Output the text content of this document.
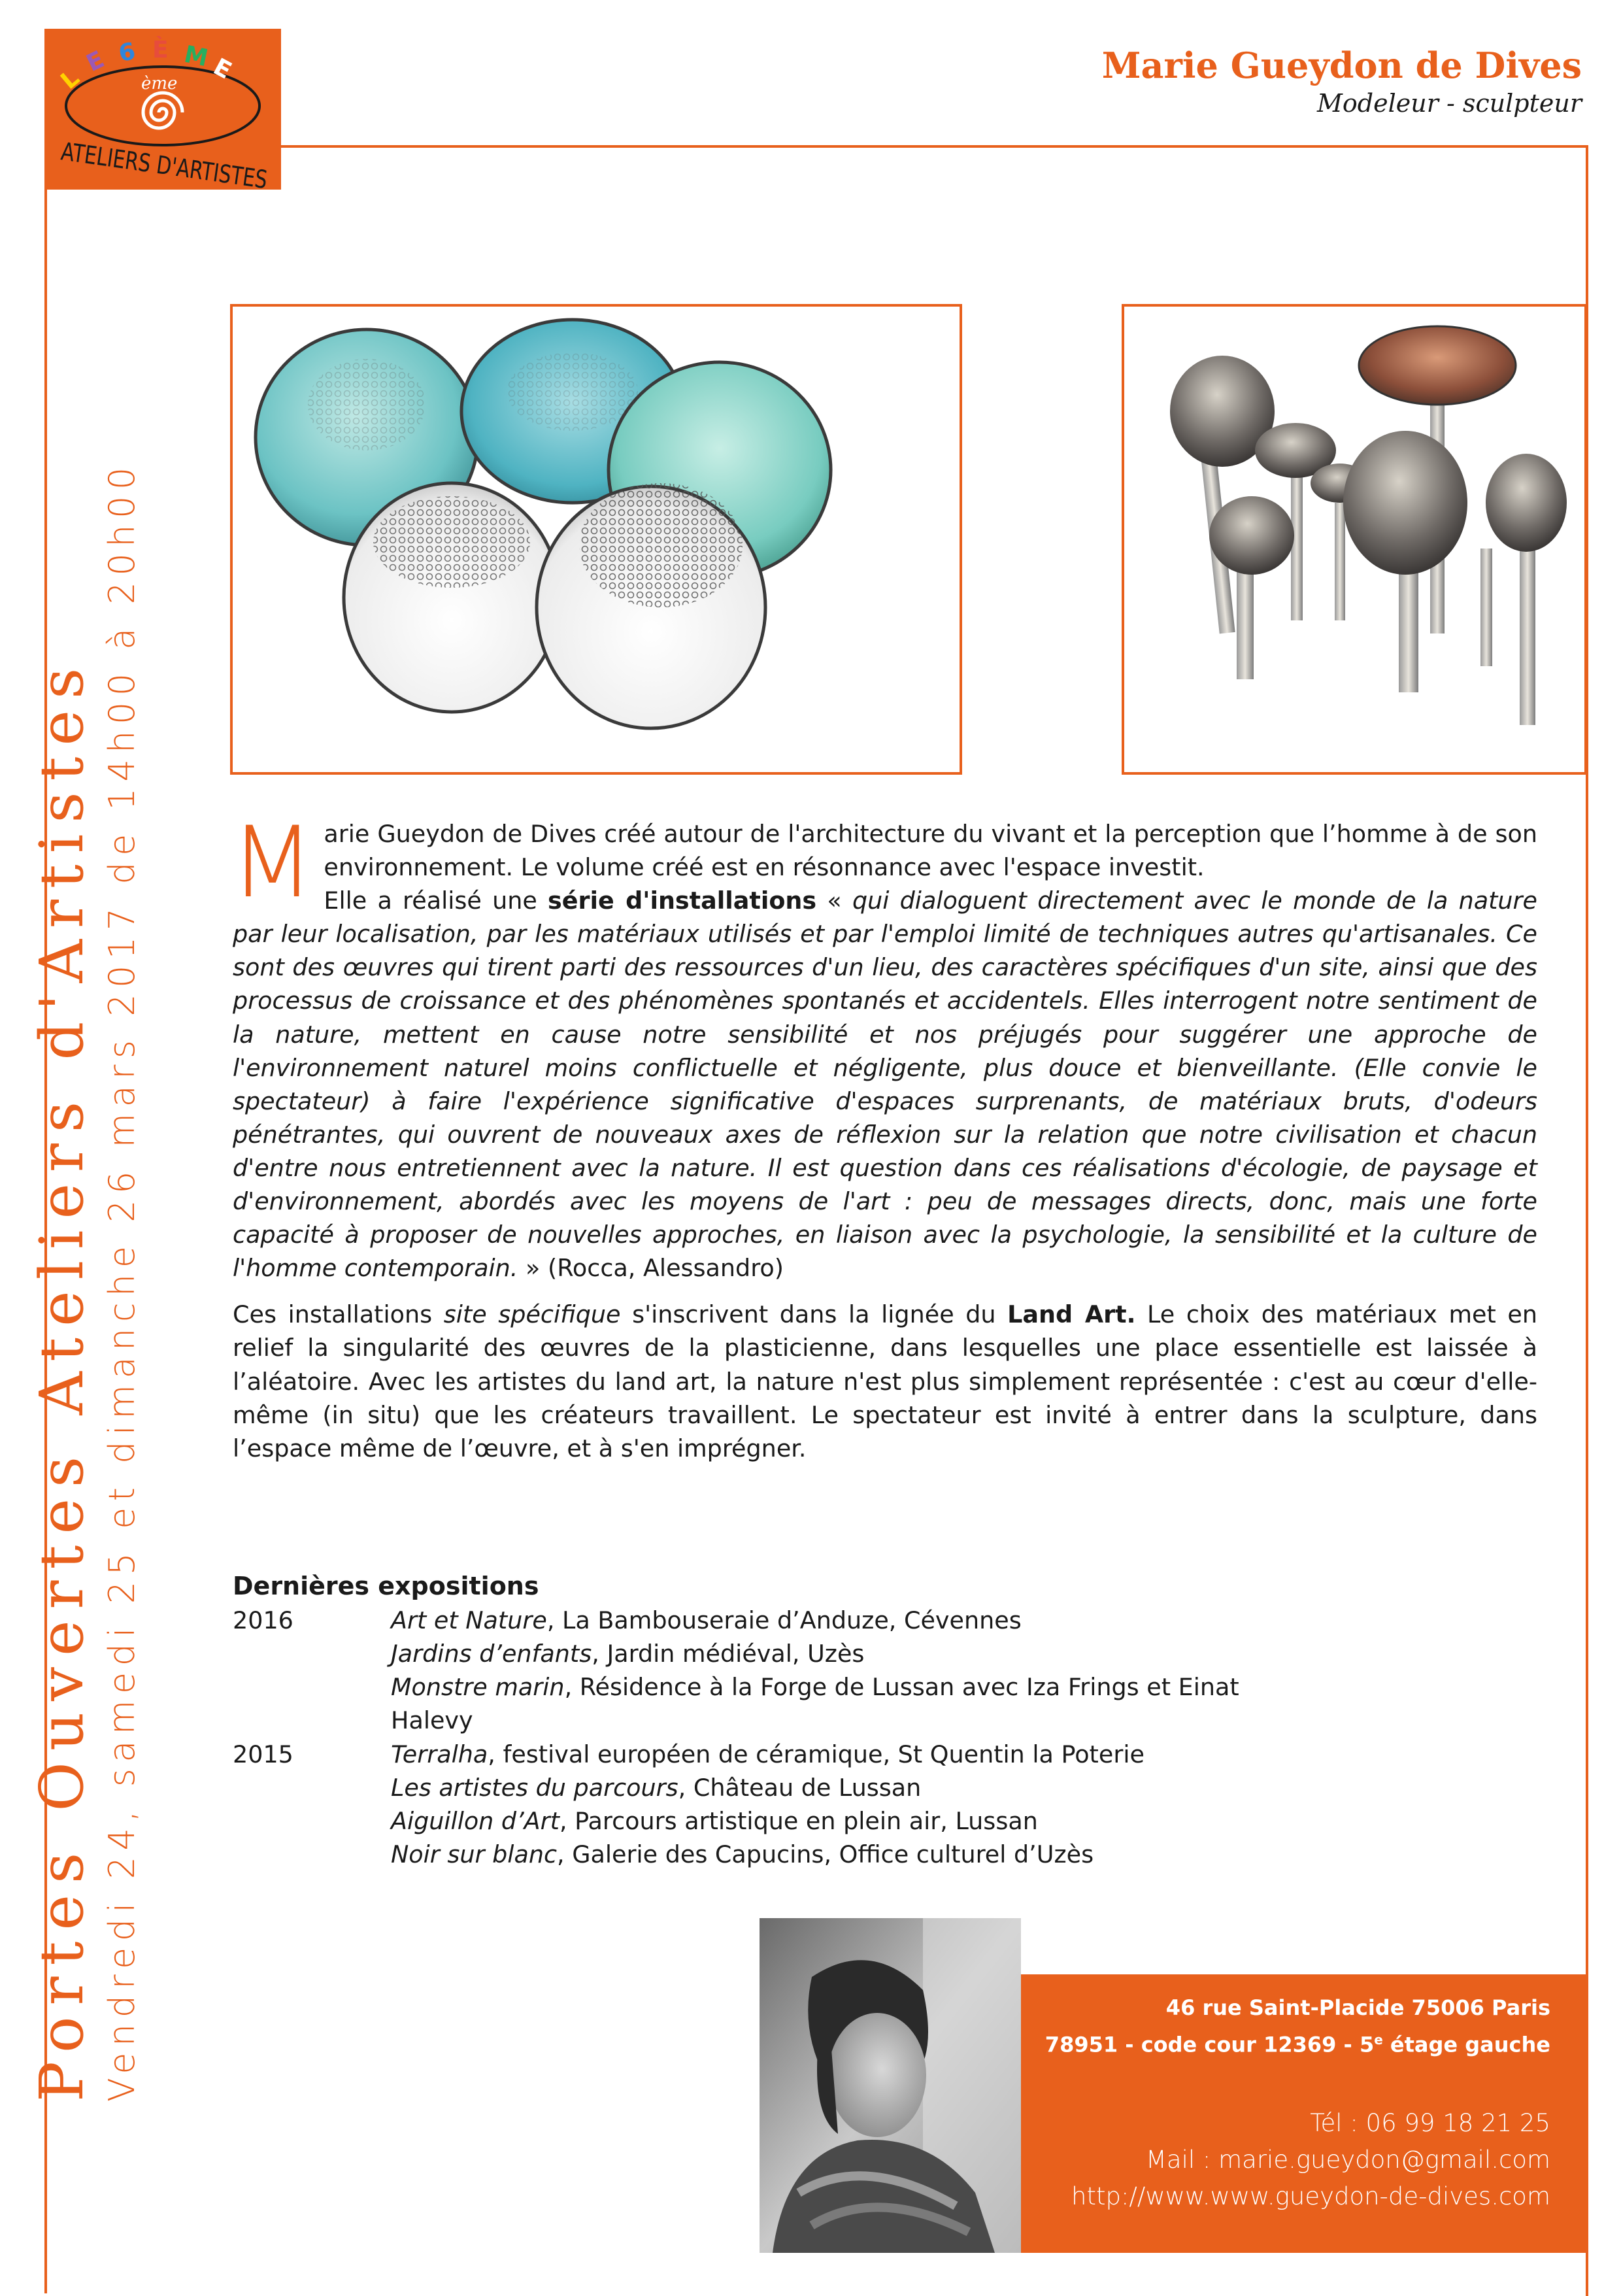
L
E 6 È M
E
ème
ATELIERS D'ARTISTES
Marie Gueydon de Dives
Modeleur - sculpteur
Portes Ouvertes Ateliers d'Artistes Vendredi 24, samedi 25 et dimanche 26 mars 2017 de 14h00 à 20h00 M arie Gueydon de Dives créé autour de l'architecture du vivant et la perception que l’homme à de son environnement. Le volume créé est en résonnance avec l'espace investit.

Elle a réalisé une série d'installations « qui dialoguent directement avec le monde de la nature par leur localisation, par les matériaux utilisés et par l'emploi limité de techniques autres qu'artisanales. Ce sont des œuvres qui tirent parti des ressources d'un lieu, des caractères spécifiques d'un site, ainsi que des processus de croissance et des phénomènes spontanés et accidentels. Elles interrogent notre sentiment de la nature, mettent en cause notre sensibilité et nos préjugés pour suggérer une approche de l'environnement naturel moins conflictuelle et négligente, plus douce et bienveillante. (Elle convie le spectateur) à faire l'expérience significative d'espaces surprenants, de matériaux bruts, d'odeurs pénétrantes, qui ouvrent de nouveaux axes de réflexion sur la relation que notre civilisation et chacun d'entre nous entretiennent avec la nature. Il est question dans ces réalisations d'écologie, de paysage et d'environnement, abordés avec les moyens de l'art : peu de messages directs, donc, mais une forte capacité à proposer de nouvelles approches, en liaison avec la psychologie, la sensibilité et la culture de l'homme contemporain. » (Rocca, Alessandro)

Ces installations site spécifique s'inscrivent dans la lignée du Land Art. Le choix des matériaux met en relief la singularité des œuvres de la plasticienne, dans lesquelles une place essentielle est laissée à l’aléatoire. Avec les artistes du land art, la nature n'est plus simplement représentée : c'est au cœur d'elle-même (in situ) que les créateurs travaillent. Le spectateur est invité à entrer dans la sculpture, dans l’espace même de l’œuvre, et à s'en imprégner.

Dernières expositions
2016	Art et Nature, La Bambouseraie d’Anduze, Cévennes
Jardins d’enfants, Jardin médiéval, Uzès
Monstre marin, Résidence à la Forge de Lussan avec Iza Frings et Einat Halevy
2015	Terralha, festival européen de céramique, St Quentin la Poterie
Les artistes du parcours, Château de Lussan
Aiguillon d’Art, Parcours artistique en plein air, Lussan
Noir sur blanc, Galerie des Capucins, Office culturel d’Uzès
46 rue Saint-Placide 75006 Paris
78951 - code cour 12369 - 5e étage gauche
Tél : 06 99 18 21 25
Mail : marie.gueydon@gmail.com
http://www.www.gueydon-de-dives.com
